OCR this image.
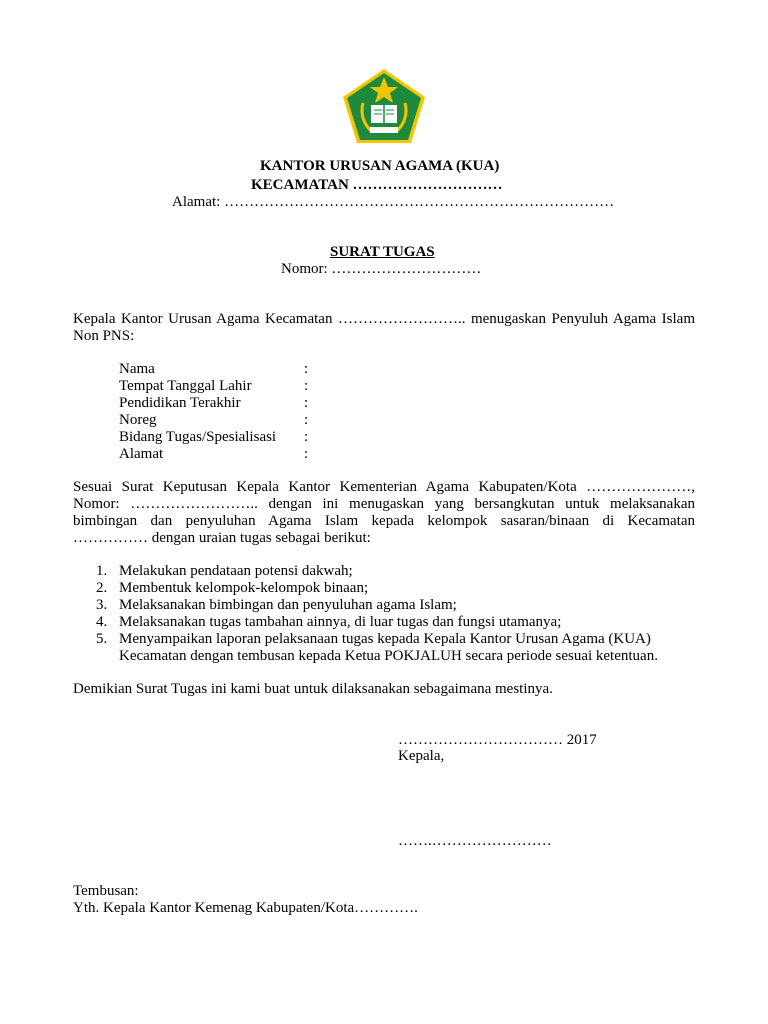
KANTOR URUSAN AGAMA (KUA)
KECAMATAN …………………………
Alamat: ……………………………………………………………………
SURAT TUGAS
Nomor: …………………………
Kepala Kantor Urusan Agama Kecamatan …………………….. menugaskan Penyuluh Agama Islam
Non PNS:
Nama	:
Tempat Tanggal Lahir	:
Pendidikan Terakhir	:
Noreg	:
Bidang Tugas/Spesialisasi :
Alamat	:
Sesuai Surat Keputusan Kepala Kantor Kementerian Agama Kabupaten/Kota …………………,
Nomor: …………………….. dengan ini menugaskan yang bersangkutan untuk melaksanakan
bimbingan dan penyuluhan Agama Islam kepada kelompok sasaran/binaan di Kecamatan
…………… dengan uraian tugas sebagai berikut:
1. Melakukan pendataan potensi dakwah;
2. Membentuk kelompok-kelompok binaan;
3. Melaksanakan bimbingan dan penyuluhan agama Islam;
4. Melaksanakan tugas tambahan ainnya, di luar tugas dan fungsi utamanya;
5. Menyampaikan laporan pelaksanaan tugas kepada Kepala Kantor Urusan Agama (KUA)
Kecamatan dengan tembusan kepada Ketua POKJALUH secara periode sesuai ketentuan.
Demikian Surat Tugas ini kami buat untuk dilaksanakan sebagaimana mestinya.
…………………………… 2017
Kepala,
…….……………………
Tembusan:
Yth. Kepala Kantor Kemenag Kabupaten/Kota………….
